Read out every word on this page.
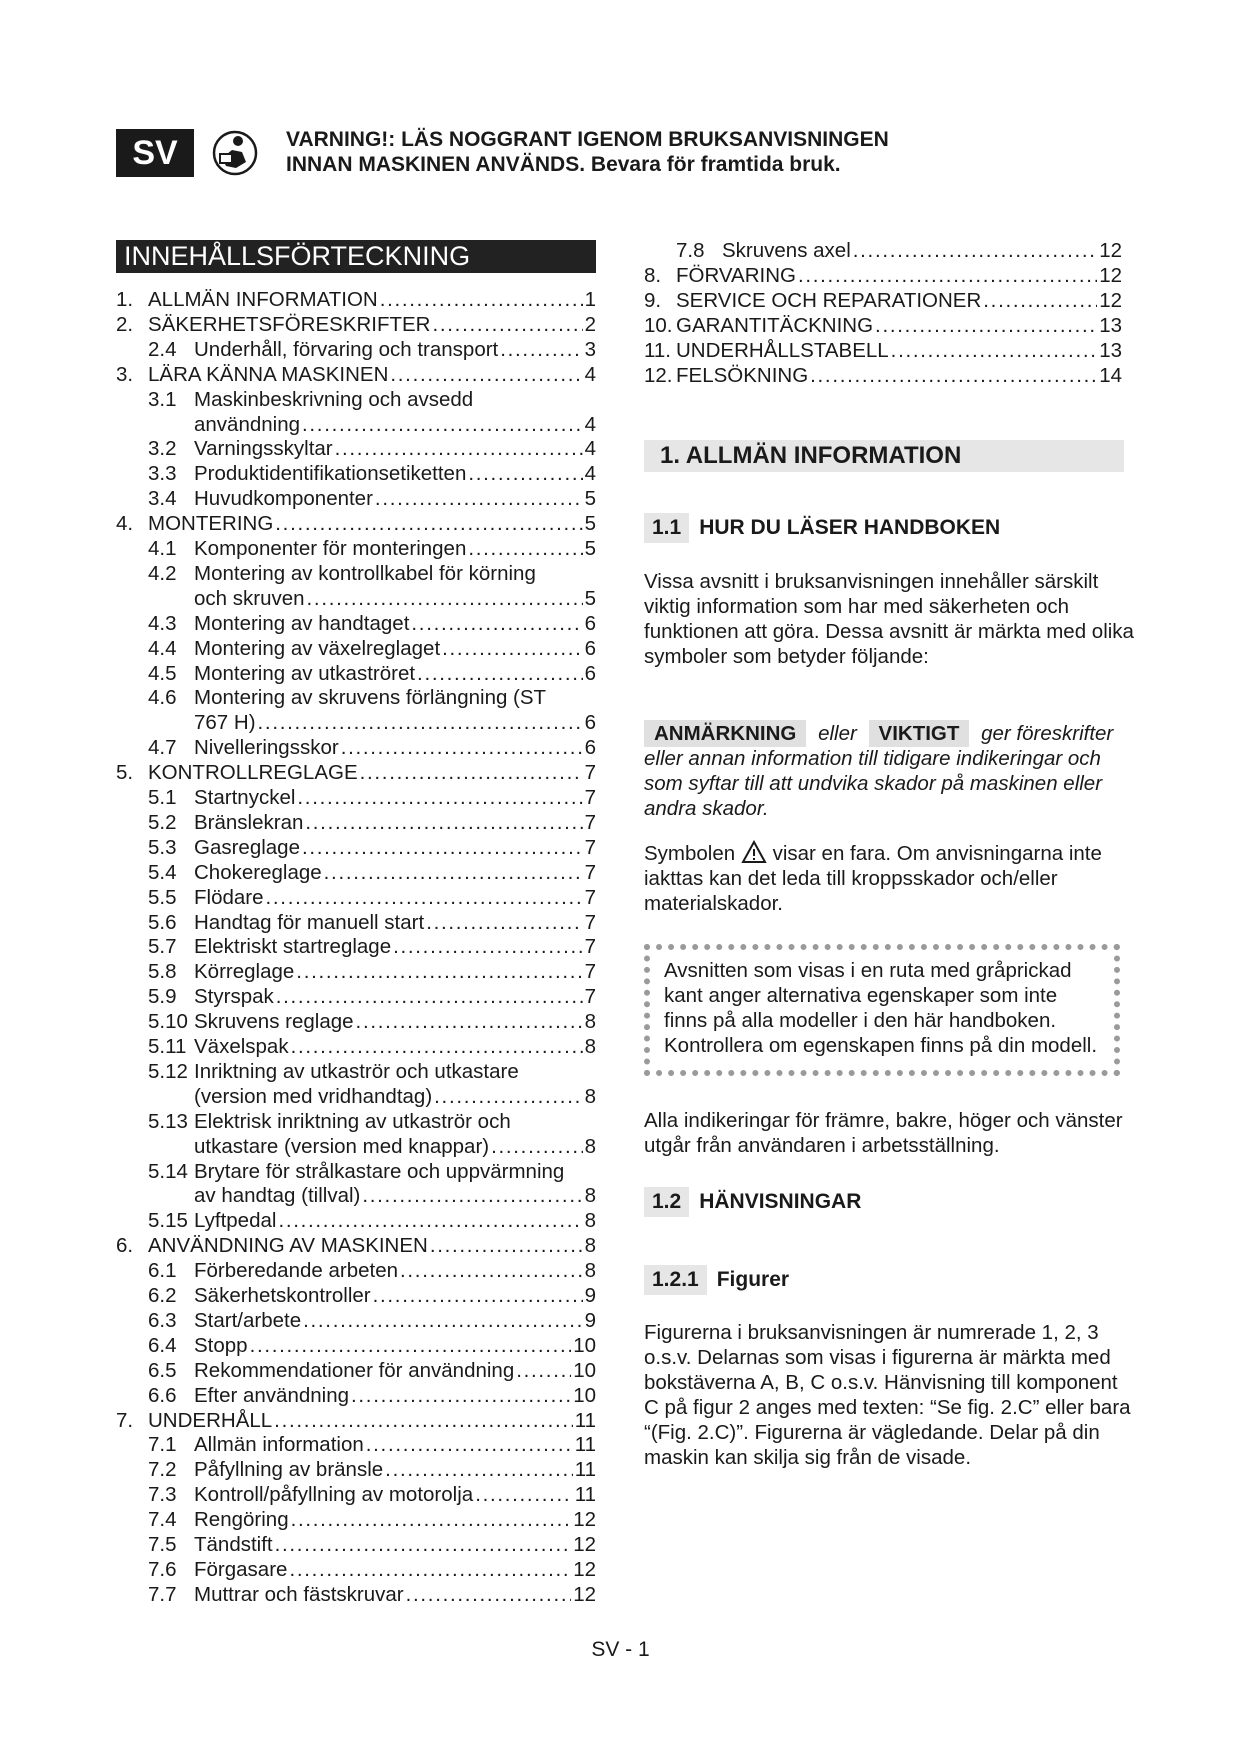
SV	VARNING!: LÄS NOGGRANT IGENOM BRUKSANVISNINGEN
INNAN MASKINEN ANVÄNDS. Bevara för framtida bruk.
INNEHÅLLSFÖRTECKNING
1. ALLMÄN INFORMATION . . .	1
2. SÄKERHETSFÖRESKRIFTER . . .	2
2.4 Underhåll, förvaring och transport . . .	3
3. LÄRA KÄNNA MASKINEN . . .	4
3.1 Maskinbeskrivning och avsedd
användning . . .	4
3.2 Varningsskyltar . . .	4
3.3 Produktidentifikationsetiketten . . .	4
3.4 Huvudkomponenter . . .	5
4. MONTERING . . .	5
4.1 Komponenter för monteringen . . .	5
4.2 Montering av kontrollkabel för körning
och skruven . . .	5
4.3 Montering av handtaget . . .	6
4.4 Montering av växelreglaget . . .	6
4.5 Montering av utkaströret . . .	6
4.6 Montering av skruvens förlängning (ST
767 H) . . .	6
4.7 Nivelleringsskor . . .	6
5. KONTROLLREGLAGE . . .	7
5.1 Startnyckel . . .	7
5.2 Bränslekran . . .	7
5.3 Gasreglage . . .	7
5.4 Chokereglage . . .	7
5.5 Flödare . . .	7
5.6 Handtag för manuell start . . .	7
5.7 Elektriskt startreglage . . .	7
5.8 Körreglage . . .	7
5.9 Styrspak . . .	7
5.10 Skruvens reglage . . .	8
5.11 Växelspak . . .	8
5.12 Inriktning av utkaströr och utkastare
(version med vridhandtag) . . .	8
5.13 Elektrisk inriktning av utkaströr och
utkastare (version med knappar) . . .	8
5.14 Brytare för strålkastare och uppvärmning
av handtag (tillval) . . .	8
5.15 Lyftpedal . . .	8
6. ANVÄNDNING AV MASKINEN . . .	8
6.1 Förberedande arbeten . . .	8
6.2 Säkerhetskontroller . . .	9
6.3 Start/arbete . . .	9
6.4 Stopp . . .	10
6.5 Rekommendationer för användning . . .	10
6.6 Efter användning . . .	10
7. UNDERHÅLL . . .	11
7.1 Allmän information . . .	11
7.2 Påfyllning av bränsle . . .	11
7.3 Kontroll/påfyllning av motorolja . . .	11
7.4 Rengöring . . .	12
7.5 Tändstift . . .	12
7.6 Förgasare . . .	12
7.7 Muttrar och fästskruvar . . .	12
7.8 Skruvens axel . . .	12
8. FÖRVARING . . .	12
9. SERVICE OCH REPARATIONER . . .	12
10. GARANTITÄCKNING . . .	13
11. UNDERHÅLLSTABELL . . .	13
12. FELSÖKNING . . .	14
1. ALLMÄN INFORMATION
1.1 HUR DU LÄSER HANDBOKEN
Vissa avsnitt i bruksanvisningen innehåller särskilt viktig information som har med säkerheten och funktionen att göra. Dessa avsnitt är märkta med olika symboler som betyder följande:
ANMÄRKNING eller VIKTIGT ger föreskrifter eller annan information till tidigare indikeringar och som syftar till att undvika skador på maskinen eller andra skador.
Symbolen visar en fara. Om anvisningarna inte iakttas kan det leda till kroppsskador och/eller materialskador.
Avsnitten som visas i en ruta med gråprickad kant anger alternativa egenskaper som inte finns på alla modeller i den här handboken. Kontrollera om egenskapen finns på din modell.
Alla indikeringar för främre, bakre, höger och vänster utgår från användaren i arbetsställning.
1.2 HÄNVISNINGAR
1.2.1 Figurer
Figurerna i bruksanvisningen är numrerade 1, 2, 3 o.s.v. Delarnas som visas i figurerna är märkta med bokstäverna A, B, C o.s.v. Hänvisning till komponent C på figur 2 anges med texten: “Se fig. 2.C” eller bara “(Fig. 2.C)”. Figurerna är vägledande. Delar på din maskin kan skilja sig från de visade.
SV - 1
